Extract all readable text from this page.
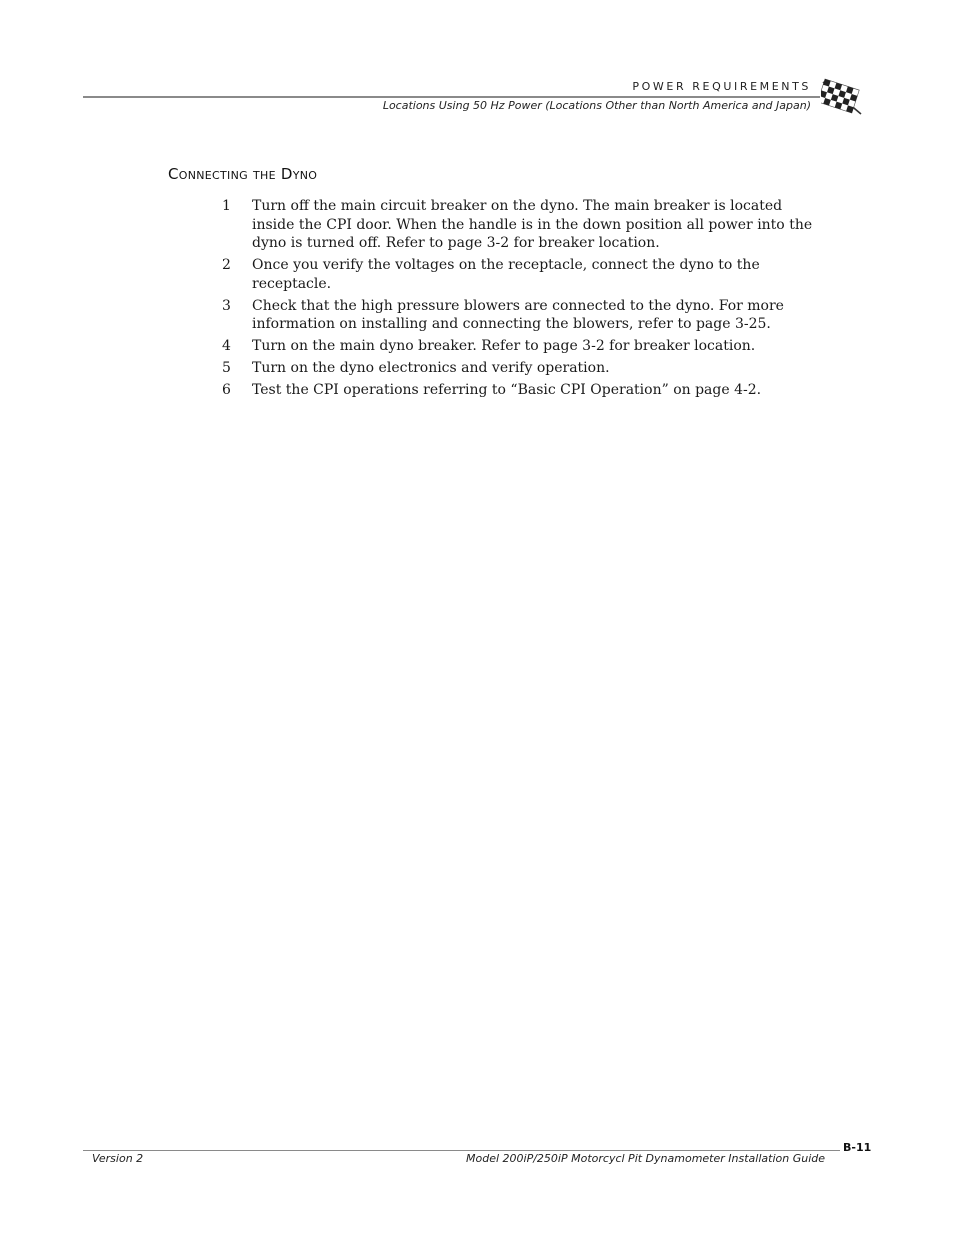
POWER REQUIREMENTS
Locations Using 50 Hz Power (Locations Other than North America and Japan)
Connecting the Dyno
1	Turn off the main circuit breaker on the dyno. The main breaker is located inside the CPI door. When the handle is in the down position all power into the dyno is turned off. Refer to page 3-2 for breaker location.
2	Once you verify the voltages on the receptacle, connect the dyno to the receptacle.
3	Check that the high pressure blowers are connected to the dyno. For more information on installing and connecting the blowers, refer to page 3-25.
4	Turn on the main dyno breaker. Refer to page 3-2 for breaker location.
5	Turn on the dyno electronics and verify operation.
6	Test the CPI operations referring to “Basic CPI Operation” on page 4-2.
Version 2	Model 200iP/250iP Motorcycl Pit Dynamometer Installation Guide
B-11
